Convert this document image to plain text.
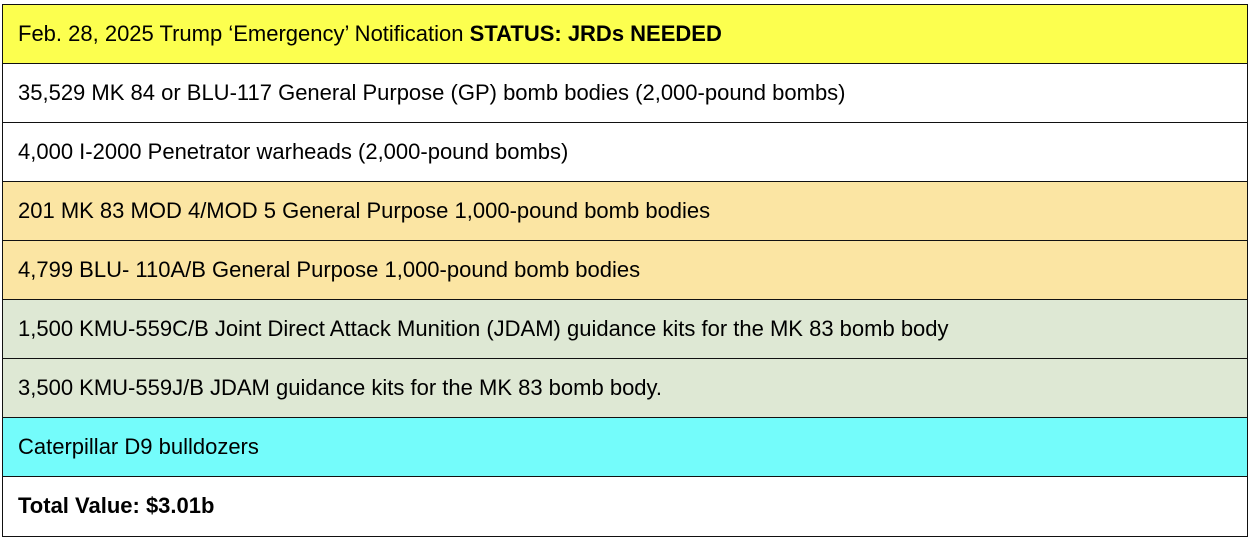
Feb. 28, 2025 Trump ‘Emergency’ Notification
STATUS: JRDs NEEDED
35,529 MK 84 or BLU-117 General Purpose (GP) bomb bodies (2,000-pound bombs)
4,000 I-2000 Penetrator warheads (2,000-pound bombs)
201 MK 83 MOD 4/MOD 5 General Purpose 1,000-pound bomb bodies
4,799 BLU- 110A/B General Purpose 1,000-pound bomb bodies
1,500 KMU-559C/B Joint Direct Attack Munition (JDAM) guidance kits for the MK 83 bomb body
3,500 KMU-559J/B JDAM guidance kits for the MK 83 bomb body.
Caterpillar D9 bulldozers
Total Value: $3.01b
